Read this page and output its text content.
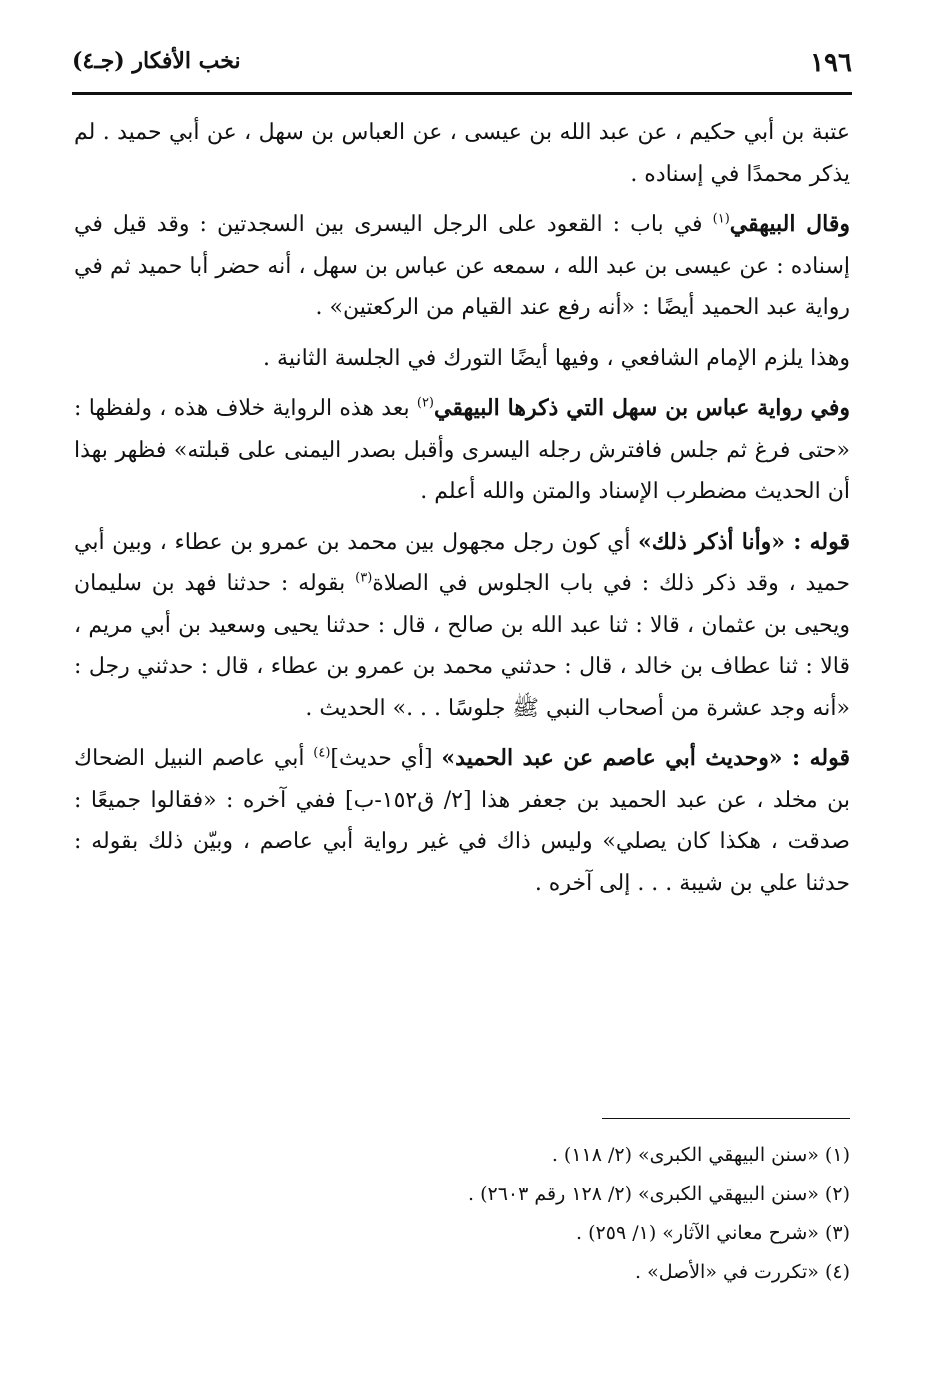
١٩٦
نخب الأفكار (جـ٤)

عتبة بن أبي حكيم ، عن عبد الله بن عيسى ، عن العباس بن سهل ، عن أبي حميد . لم يذكر محمدًا في إسناده .

وقال البيهقي$^{(١)}$ في باب : القعود على الرجل اليسرى بين السجدتين : وقد قيل في إسناده : عن عيسى بن عبد الله ، سمعه عن عباس بن سهل ، أنه حضر أبا حميد ثم في رواية عبد الحميد أيضًا : «أنه رفع عند القيام من الركعتين» .

وهذا يلزم الإمام الشافعي ، وفيها أيضًا التورك في الجلسة الثانية .

وفي رواية عباس بن سهل التي ذكرها البيهقي$^{(٢)}$ بعد هذه الرواية خلاف هذه ، ولفظها : «حتى فرغ ثم جلس فافترش رجله اليسرى وأقبل بصدر اليمنى على قبلته» فظهر بهذا أن الحديث مضطرب الإسناد والمتن والله أعلم .

قوله : «وأنا أذكر ذلك» أي كون رجل مجهول بين محمد بن عمرو بن عطاء ، وبين أبي حميد ، وقد ذكر ذلك : في باب الجلوس في الصلاة$^{(٣)}$ بقوله : حدثنا فهد بن سليمان ويحيى بن عثمان ، قالا : ثنا عبد الله بن صالح ، قال : حدثنا يحيى وسعيد بن أبي مريم ، قالا : ثنا عطاف بن خالد ، قال : حدثني محمد بن عمرو بن عطاء ، قال : حدثني رجل : «أنه وجد عشرة من أصحاب النبي ﷺ جلوسًا . . .» الحديث .

قوله : «وحديث أبي عاصم عن عبد الحميد» [أي حديث]$^{(٤)}$ أبي عاصم النبيل الضحاك بن مخلد ، عن عبد الحميد بن جعفر هذا [٢/ ق١٥٢-ب] ففي آخره : «فقالوا جميعًا : صدقت ، هكذا كان يصلي» وليس ذاك في غير رواية أبي عاصم ، وبيّن ذلك بقوله : حدثنا علي بن شيبة . . . إلى آخره .

(١) «سنن البيهقي الكبرى» (٢/ ١١٨) .

(٢) «سنن البيهقي الكبرى» (٢/ ١٢٨ رقم ٢٦٠٣) .

(٣) «شرح معاني الآثار» (١/ ٢٥٩) .

(٤) «تكررت في «الأصل» .
